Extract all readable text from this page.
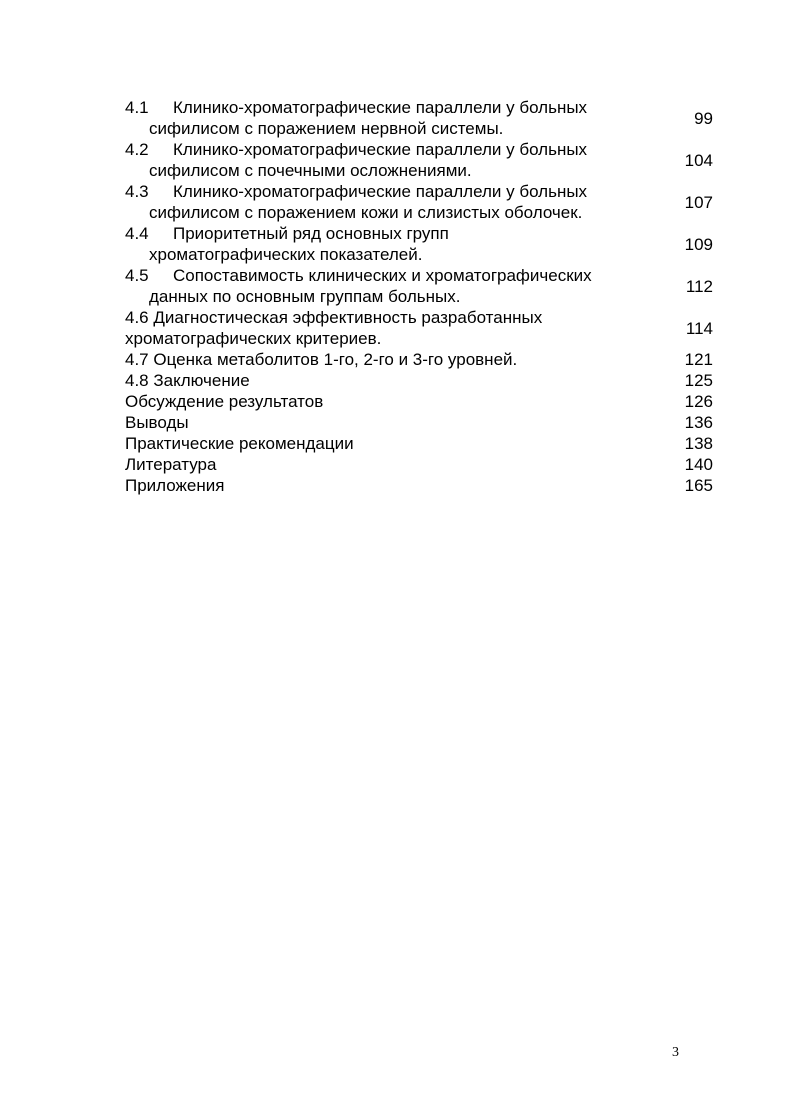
4.1 Клинико-хроматографические параллели у больных
сифилисом с поражением нервной системы.
99
4.2 Клинико-хроматографические параллели у больных
сифилисом с почечными осложнениями.
104
4.3 Клинико-хроматографические параллели у больных
сифилисом с поражением кожи и слизистых оболочек.
107
4.4 Приоритетный ряд основных групп
хроматографических показателей.
109
4.5 Сопоставимость клинических и хроматографических
данных по основным группам больных.
112
4.6 Диагностическая эффективность разработанных
хроматографических критериев.
114
4.7 Оценка метаболитов 1-го, 2-го и 3-го уровней.	121
4.8 Заключение	125
Обсуждение результатов	126
Выводы	136
Практические рекомендации	138
Литература	140
Приложения	165
3
